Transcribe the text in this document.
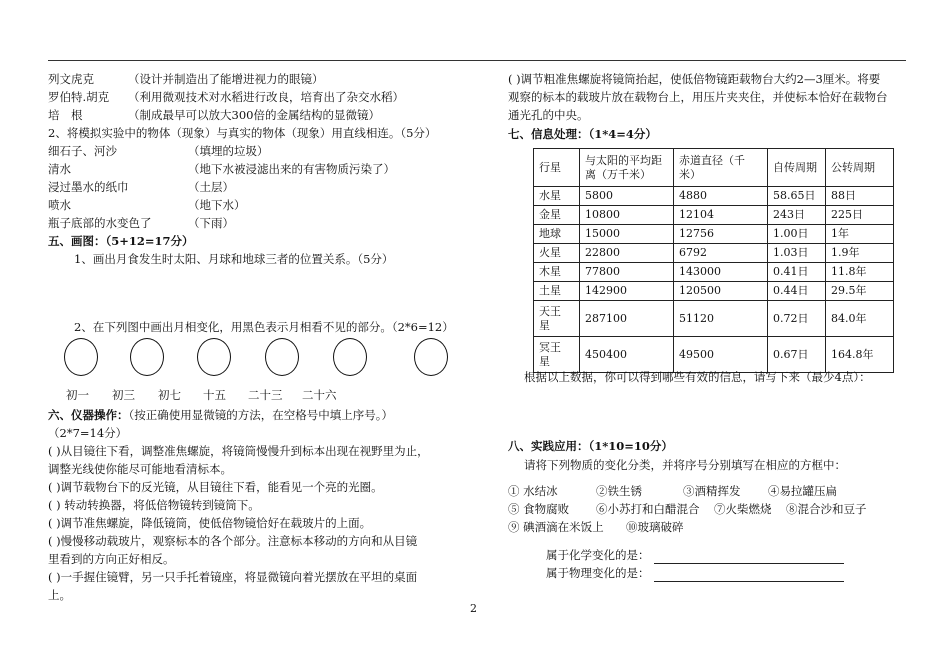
列文虎克	（设计并制造出了能增进视力的眼镜）
罗伯特.胡克 （利用微观技术对水稻进行改良，培育出了杂交水稻）
培　根	（制成最早可以放大300倍的金属结构的显微镜）
2、将模拟实验中的物体（现象）与真实的物体（现象）用直线相连。（5分）
细石子、河沙	（填埋的垃圾）
清水	（地下水被浸滤出来的有害物质污染了）
浸过墨水的纸巾	（土层）
喷水	（地下水）
瓶子底部的水变色了	（下雨）
五、画图：（5+12=17分）
1、画出月食发生时太阳、月球和地球三者的位置关系。（5分）
2、在下列图中画出月相变化，用黑色表示月相看不见的部分。（2*6=12）
初一 初三 初七 十五 二十三 二十六
六、仪器操作：（按正确使用显微镜的方法，在空格号中填上序号。）
（2*7=14分）
( )从目镜往下看，调整准焦螺旋，将镜筒慢慢升到标本出现在视野里为止，
调整光线使你能尽可能地看清标本。
( )调节载物台下的反光镜，从目镜往下看，能看见一个亮的光圈。
( ) 转动转换器，将低倍物镜转到镜筒下。
( )调节准焦螺旋，降低镜筒，使低倍物镜恰好在载玻片的上面。
( )慢慢移动载玻片，观察标本的各个部分。注意标本移动的方向和从目镜
里看到的方向正好相反。
( )一手握住镜臂，另一只手托着镜座，将显微镜向着光摆放在平坦的桌面
上。
( )调节粗准焦螺旋将镜筒抬起，使低倍物镜距载物台大约2—3厘米。将要
观察的标本的载玻片放在载物台上，用压片夹夹住，并使标本恰好在载物台
通光孔的中央。
七、信息处理：（1*4=4分）
行星	与太阳的平均距
离（万千米）	赤道直径（千
米）	自传周期	公转周期
水星	5800	4880	58.65日	88日
金星	10800	12104	243日	225日
地球	15000	12756	1.00日	1年
火星	22800	6792	1.03日	1.9年
木星	77800	143000	0.41日	11.8年
土星	142900	120500	0.44日	29.5年
天王
星	287100	51120	0.72日	84.0年
冥王
星	450400	49500	0.67日	164.8年
根据以上数据，你可以得到哪些有效的信息，请写下来（最少4点）：
八、实践应用：（1*10=10分）
请将下列物质的变化分类，并将序号分别填写在相应的方框中：
① 水结冰	②铁生锈	③酒精挥发 ④易拉罐压扁
⑤ 食物腐败 ⑥小苏打和白醋混合 ⑦火柴燃烧 ⑧混合沙和豆子
⑨ 碘酒滴在米饭上 ⑩玻璃破碎
属于化学变化的是：
属于物理变化的是：
2
